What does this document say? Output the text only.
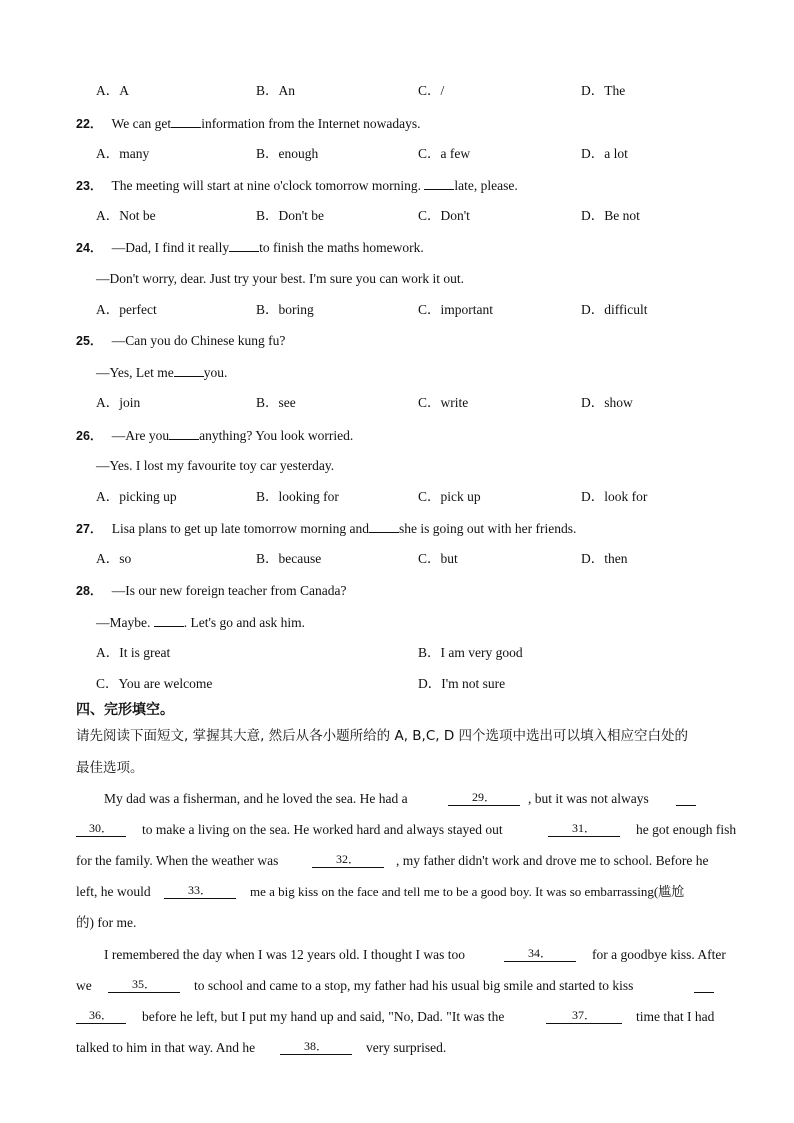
A．A	B．An	C．/	D．The
22． We can get information from the Internet nowadays.
A．many	B．enough	C．a few	D．a lot
23． The meeting will start at nine o'clock tomorrow morning. late, please.
A．Not be	B．Don't be	C．Don't	D．Be not
24． —Dad, I find it really to finish the maths homework.
—Don't worry, dear. Just try your best. I'm sure you can work it out.
A．perfect	B．boring	C．important	D．difficult
25． —Can you do Chinese kung fu?
—Yes, Let me you.
A．join	B．see	C．write	D．show
26． —Are you anything? You look worried.
—Yes. I lost my favourite toy car yesterday.
A．picking up	B．looking for	C．pick up	D．look for
27． Lisa plans to get up late tomorrow morning and she is going out with her friends.
A．so	B．because	C．but	D．then
28． —Is our new foreign teacher from Canada?
—Maybe. . Let's go and ask him.
A．It is great	B．I am very good
C．You are welcome	D．I'm not sure
四、完形填空。
请先阅读下面短文, 掌握其大意, 然后从各小题所给的 A, B,C, D 四个选项中选出可以填入相应空白处的
最佳选项。
My dad was a fisherman, and he loved the sea. He had a	29．	, but it was not always
30．	to make a living on the sea. He worked hard and always stayed out	31．	he got enough fish
for the family. When the weather was	32．	, my father didn't work and drove me to school. Before he
left, he would	33．	me a big kiss on the face and tell me to be a good boy. It was so embarrassing(尴尬
的) for me.
I remembered the day when I was 12 years old. I thought I was too	34．	for a goodbye kiss. After
we	35．	to school and came to a stop, my father had his usual big smile and started to kiss
36．	before he left, but I put my hand up and said, "No, Dad. "It was the	37．	time that I had
talked to him in that way. And he	38．	very surprised.
